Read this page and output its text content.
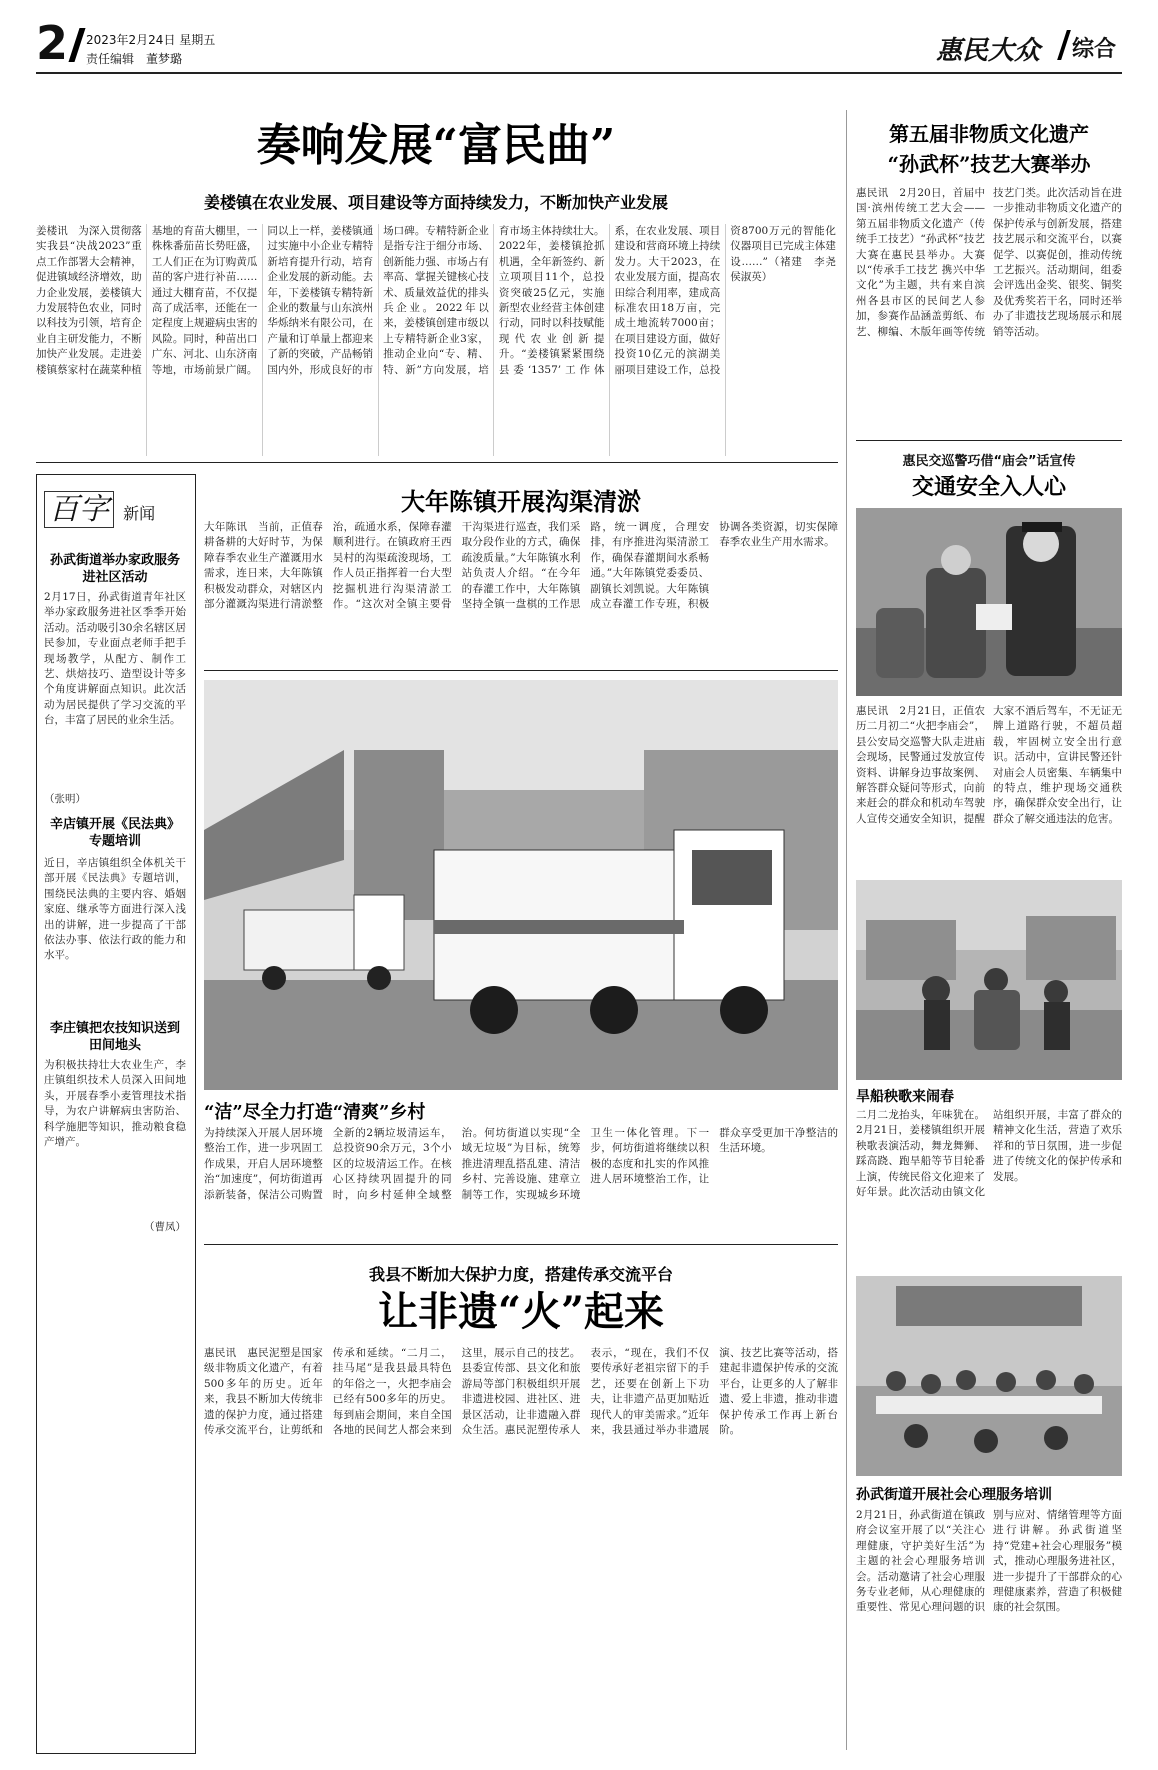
2 2023年2月24日 星期五
责任编辑　董梦璐	惠民大众 综合
奏响发展“富民曲”
姜楼镇在农业发展、项目建设等方面持续发力，不断加快产业发展
姜楼讯　为深入贯彻落实我县“决战2023”重点工作部署大会精神，促进镇域经济增效，助力企业发展，姜楼镇大力发展特色农业，同时以科技为引领，培育企业自主研发能力，不断加快产业发展。走进姜楼镇蔡家村在蔬菜种植基地的育苗大棚里，一株株番茄苗长势旺盛，工人们正在为订购黄瓜苗的客户进行补苗……通过大棚育苗，不仅提高了成活率，还能在一定程度上规避病虫害的风险。同时，种苗出口广东、河北、山东济南等地，市场前景广阔。同以上一样，姜楼镇通过实施中小企业专精特新培育提升行动，培育企业发展的新动能。去年，下姜楼镇专精特新企业的数量与山东滨州华烁纳米有限公司，在产量和订单量上都迎来了新的突破，产品畅销国内外，形成良好的市场口碑。专精特新企业是指专注于细分市场、创新能力强、市场占有率高、掌握关键核心技术、质量效益优的排头兵企业。2022年以来，姜楼镇创建市级以上专精特新企业3家，推动企业向“专、精、特、新”方向发展，培育市场主体持续壮大。2022年，姜楼镇抢抓机遇，全年新签约、新立项项目11个，总投资突破25亿元，实施新型农业经营主体创建行动，同时以科技赋能现代农业创新提升。“姜楼镇紧紧围绕县委‘1357’工作体系，在农业发展、项目建设和营商环境上持续发力。大干2023，在农业发展方面，提高农田综合利用率，建成高标准农田18万亩，完成土地流转7000亩；在项目建设方面，做好投资10亿元的滨湖美丽项目建设工作，总投资8700万元的智能化仪器项目已完成主体建设……”（褚建　李尧　侯淑英）
第五届非物质文化遗产
“孙武杯”技艺大赛举办
惠民讯　2月20日，首届中国·滨州传统工艺大会——第五届非物质文化遗产（传统手工技艺）“孙武杯”技艺大赛在惠民县举办。大赛以“传承手工技艺 携兴中华文化”为主题，共有来自滨州各县市区的民间艺人参加，参赛作品涵盖剪纸、布艺、柳编、木版年画等传统技艺门类。此次活动旨在进一步推动非物质文化遗产的保护传承与创新发展，搭建技艺展示和交流平台，以赛促学、以赛促创，推动传统工艺振兴。活动期间，组委会评选出金奖、银奖、铜奖及优秀奖若干名，同时还举办了非遗技艺现场展示和展销等活动。
惠民交巡警巧借“庙会”话宣传
交通安全入人心
惠民讯　2月21日，正值农历二月初二“火把李庙会”，县公安局交巡警大队走进庙会现场，民警通过发放宣传资料、讲解身边事故案例、解答群众疑问等形式，向前来赶会的群众和机动车驾驶人宣传交通安全知识，提醒大家不酒后驾车，不无证无牌上道路行驶，不超员超载，牢固树立安全出行意识。活动中，宣讲民警还针对庙会人员密集、车辆集中的特点，维护现场交通秩序，确保群众安全出行，让群众了解交通违法的危害。
旱船秧歌来闹春
二月二龙抬头，年味犹在。2月21日，姜楼镇组织开展秧歌表演活动，舞龙舞狮、踩高跷、跑旱船等节目轮番上演，传统民俗文化迎来了好年景。此次活动由镇文化站组织开展，丰富了群众的精神文化生活，营造了欢乐祥和的节日氛围，进一步促进了传统文化的保护传承和发展。
孙武街道开展社会心理服务培训
2月21日，孙武街道在镇政府会议室开展了以“关注心理健康，守护美好生活”为主题的社会心理服务培训会。活动邀请了社会心理服务专业老师，从心理健康的重要性、常见心理问题的识别与应对、情绪管理等方面进行讲解。孙武街道坚持“党建+社会心理服务”模式，推动心理服务进社区，进一步提升了干部群众的心理健康素养，营造了积极健康的社会氛围。
百字 新闻
孙武街道举办家政服务进社区活动
2月17日，孙武街道青年社区举办家政服务进社区季季开始活动。活动吸引30余名辖区居民参加，专业面点老师手把手现场教学，从配方、制作工艺、烘焙技巧、造型设计等多个角度讲解面点知识。此次活动为居民提供了学习交流的平台，丰富了居民的业余生活。
（张明）
辛店镇开展《民法典》专题培训
近日，辛店镇组织全体机关干部开展《民法典》专题培训，围绕民法典的主要内容、婚姻家庭、继承等方面进行深入浅出的讲解，进一步提高了干部依法办事、依法行政的能力和水平。
李庄镇把农技知识送到田间地头
为积极扶持壮大农业生产，李庄镇组织技术人员深入田间地头，开展春季小麦管理技术指导，为农户讲解病虫害防治、科学施肥等知识，推动粮食稳产增产。
（曹凤）
大年陈镇开展沟渠清淤
大年陈讯　当前，正值春耕备耕的大好时节，为保障春季农业生产灌溉用水需求，连日来，大年陈镇积极发动群众，对辖区内部分灌溉沟渠进行清淤整治，疏通水系，保障春灌顺利进行。在镇政府王西吴村的沟渠疏浚现场，工作人员正指挥着一台大型挖掘机进行沟渠清淤工作。“这次对全镇主要骨干沟渠进行巡查，我们采取分段作业的方式，确保疏浚质量。”大年陈镇水利站负责人介绍。“在今年的春灌工作中，大年陈镇坚持全镇一盘棋的工作思路，统一调度，合理安排，有序推进沟渠清淤工作，确保春灌期间水系畅通。”大年陈镇党委委员、副镇长刘凯说。大年陈镇成立春灌工作专班，积极协调各类资源，切实保障春季农业生产用水需求。
“洁”尽全力打造“清爽”乡村
为持续深入开展人居环境整治工作，进一步巩固工作成果，开启人居环境整治“加速度”，何坊街道再添新装备，保洁公司购置全新的2辆垃圾清运车，总投资90余万元，3个小区的垃圾清运工作。在核心区持续巩固提升的同时，向乡村延伸全域整治。何坊街道以实现“全域无垃圾”为目标，统筹推进清理乱搭乱建、清洁乡村、完善设施、建章立制等工作，实现城乡环境卫生一体化管理。下一步，何坊街道将继续以积极的态度和扎实的作风推进人居环境整治工作，让群众享受更加干净整洁的生活环境。
我县不断加大保护力度，搭建传承交流平台
让非遗“火”起来
惠民讯　惠民泥塑是国家级非物质文化遗产，有着500多年的历史。近年来，我县不断加大传统非遗的保护力度，通过搭建传承交流平台，让剪纸和传承和延续。“二月二，挂马尾”是我县最具特色的年俗之一，火把李庙会已经有500多年的历史。每到庙会期间，来自全国各地的民间艺人都会来到这里，展示自己的技艺。县委宣传部、县文化和旅游局等部门积极组织开展非遗进校园、进社区、进景区活动，让非遗融入群众生活。惠民泥塑传承人表示，“现在，我们不仅要传承好老祖宗留下的手艺，还要在创新上下功夫，让非遗产品更加贴近现代人的审美需求。”近年来，我县通过举办非遗展演、技艺比赛等活动，搭建起非遗保护传承的交流平台，让更多的人了解非遗、爱上非遗，推动非遗保护传承工作再上新台阶。
